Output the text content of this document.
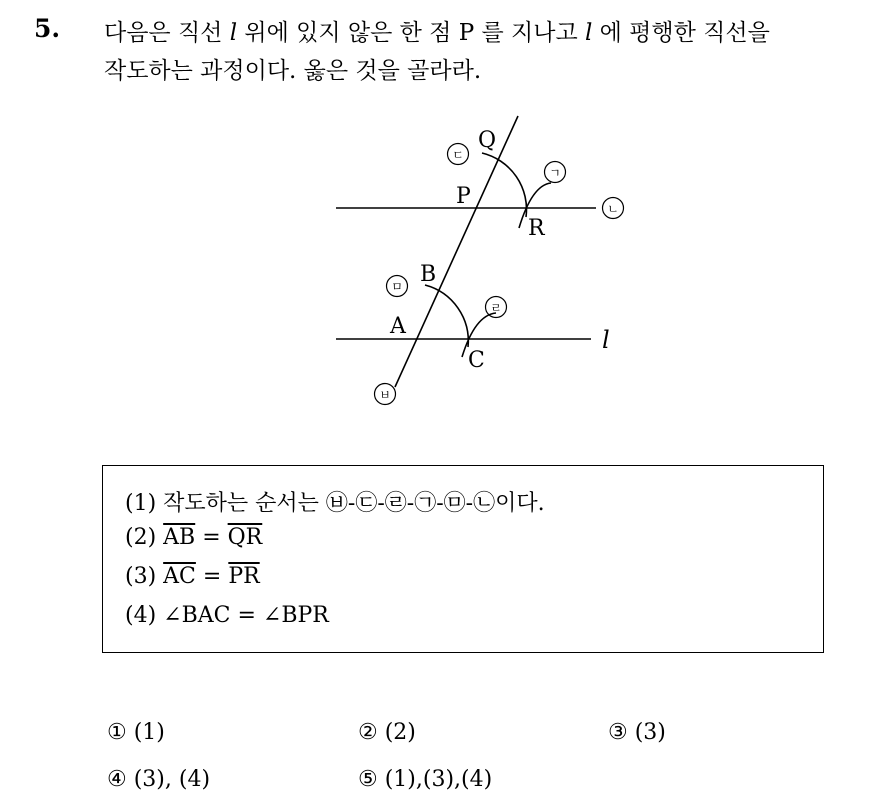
5. 다음은 직선 l 위에 있지 않은 한 점 P 를 지나고 l 에 평행한 직선을
작도하는 과정이다. 옳은 것을 골라라.
Q
P
R
B
A
C
l
ㄷ
ㄱ
ㄴ
ㅁ
ㄹ
ㅂ
(1) 작도하는 순서는 ㉥-㉢-㉣-㉠-㉤-㉡이다.
(2) $\overline{AB} = \overline{QR}$
(3) $\overline{AC} = \overline{PR}$
(4) ∠BAC = ∠BPR
① (1)	② (2)	③ (3)
④ (3), (4)	⑤ (1),(3),(4)
